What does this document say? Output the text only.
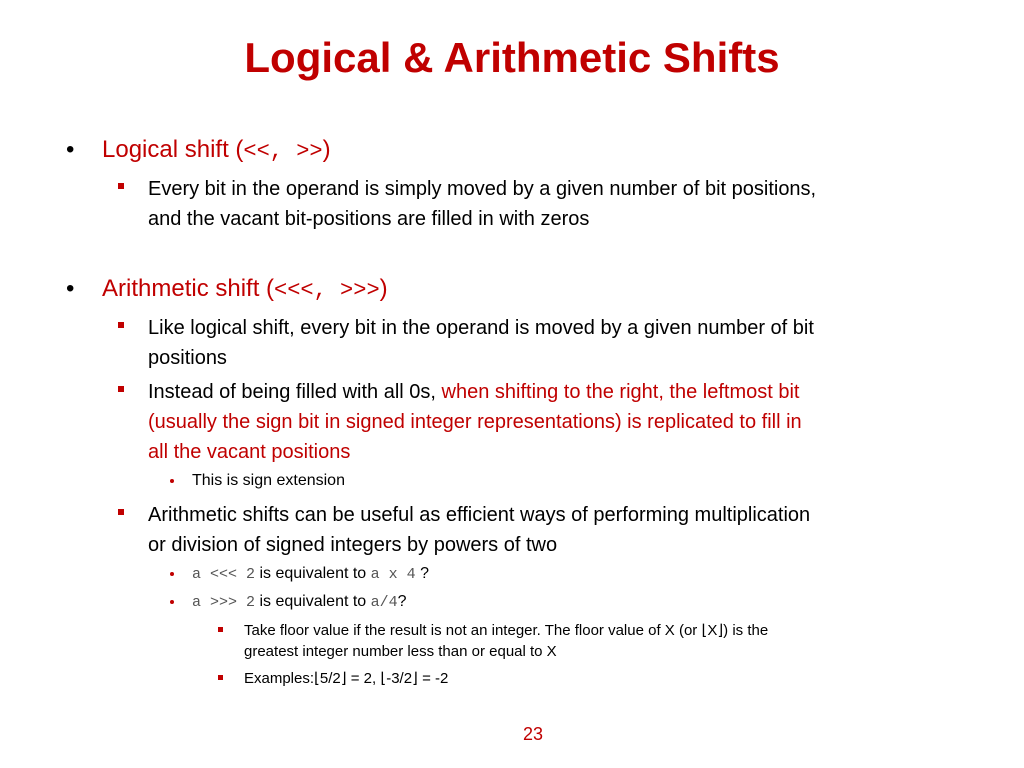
Logical & Arithmetic Shifts
• Logical shift (<<, >>)
Every bit in the operand is simply moved by a given number of bit positions,
and the vacant bit-positions are filled in with zeros
• Arithmetic shift (<<<, >>>)
Like logical shift, every bit in the operand is moved by a given number of bit
positions
Instead of being filled with all 0s, when shifting to the right, the leftmost bit
(usually the sign bit in signed integer representations) is replicated to fill in
all the vacant positions
This is sign extension
Arithmetic shifts can be useful as efficient ways of performing multiplication
or division of signed integers by powers of two
a <<< 2 is equivalent to a x 4 ?
a >>> 2 is equivalent to a/4?
Take floor value if the result is not an integer. The floor value of X (or ⌊X⌋) is the
greatest integer number less than or equal to X
Examples:⌊5/2⌋ = 2, ⌊-3/2⌋ = -2
23
